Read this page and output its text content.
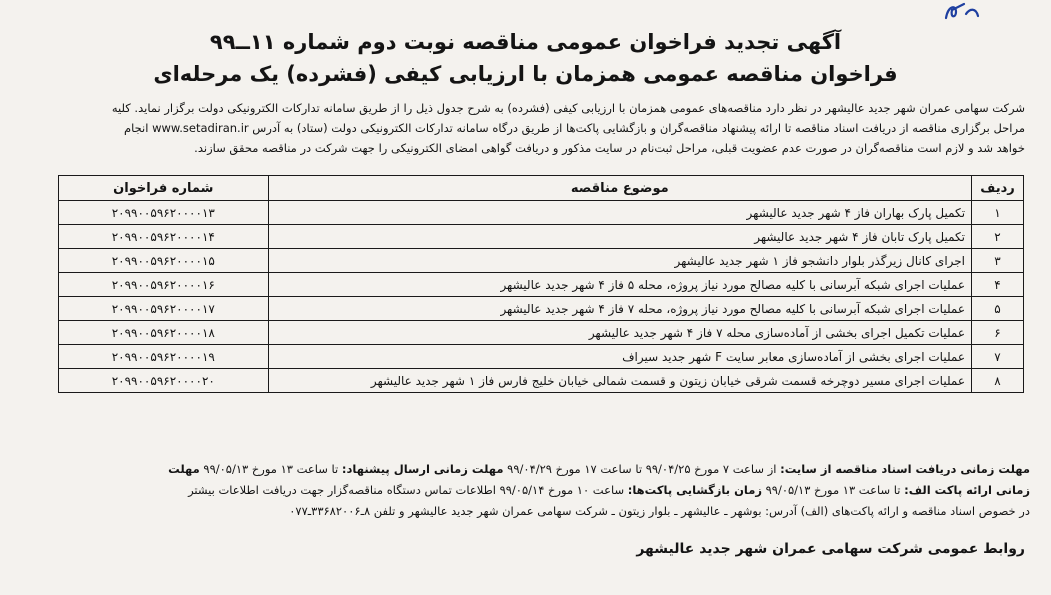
آگهی تجدید فراخوان عمومی مناقصه نوبت دوم شماره ۱۱ــ۹۹
فراخوان مناقصه عمومی همزمان با ارزیابی کیفی (فشرده) یک مرحله‌ای
شرکت سهامی عمران شهر جدید عالیشهر در نظر دارد مناقصه‌های عمومی همزمان با ارزیابی کیفی (فشرده) به شرح جدول ذیل را از طریق سامانه تدارکات الکترونیکی دولت برگزار نماید. کلیه
مراحل برگزاری مناقصه از دریافت اسناد مناقصه تا ارائه پیشنهاد مناقصه‌گران و بازگشایی پاکت‌ها از طریق درگاه سامانه تدارکات الکترونیکی دولت (ستاد) به آدرس www.setadiran.ir انجام
خواهد شد و لازم است مناقصه‌گران در صورت عدم عضویت قبلی، مراحل ثبت‌نام در سایت مذکور و دریافت گواهی امضای الکترونیکی را جهت شرکت در مناقصه محقق سازند.
ردیف	موضوع مناقصه	شماره فراخوان
۱	تکمیل پارک بهاران فاز ۴ شهر جدید عالیشهر	۲۰۹۹۰۰۵۹۶۲۰۰۰۰۱۳
۲	تکمیل پارک تابان فاز ۴ شهر جدید عالیشهر	۲۰۹۹۰۰۵۹۶۲۰۰۰۰۱۴
۳	اجرای کانال زیرگذر بلوار دانشجو فاز ۱ شهر جدید عالیشهر	۲۰۹۹۰۰۵۹۶۲۰۰۰۰۱۵
۴	عملیات اجرای شبکه آبرسانی با کلیه مصالح مورد نیاز پروژه، محله ۵ فاز ۴ شهر جدید عالیشهر	۲۰۹۹۰۰۵۹۶۲۰۰۰۰۱۶
۵	عملیات اجرای شبکه آبرسانی با کلیه مصالح مورد نیاز پروژه، محله ۷ فاز ۴ شهر جدید عالیشهر	۲۰۹۹۰۰۵۹۶۲۰۰۰۰۱۷
۶	عملیات تکمیل اجرای بخشی از آماده‌سازی محله ۷ فاز ۴ شهر جدید عالیشهر	۲۰۹۹۰۰۵۹۶۲۰۰۰۰۱۸
۷	عملیات اجرای بخشی از آماده‌سازی معابر سایت F شهر جدید سیراف	۲۰۹۹۰۰۵۹۶۲۰۰۰۰۱۹
۸	عملیات اجرای مسیر دوچرخه قسمت شرقی خیابان زیتون و قسمت شمالی خیابان خلیج فارس فاز ۱ شهر جدید عالیشهر	۲۰۹۹۰۰۵۹۶۲۰۰۰۰۲۰
مهلت زمانی دریافت اسناد مناقصه از سایت: از ساعت ۷ مورخ ۹۹/۰۴/۲۵ تا ساعت ۱۷ مورخ ۹۹/۰۴/۲۹ مهلت زمانی ارسال پیشنهاد: تا ساعت ۱۳ مورخ ۹۹/۰۵/۱۳ مهلت
زمانی ارائه پاکت الف: تا ساعت ۱۳ مورخ ۹۹/۰۵/۱۳ زمان بازگشایی پاکت‌ها: ساعت ۱۰ مورخ ۹۹/۰۵/۱۴ اطلاعات تماس دستگاه مناقصه‌گزار جهت دریافت اطلاعات بیشتر
در خصوص اسناد مناقصه و ارائه پاکت‌های (الف) آدرس: بوشهر ـ عالیشهر ـ بلوار زیتون ـ شرکت سهامی عمران شهر جدید عالیشهر و تلفن ۸ـ۳۳۶۸۲۰۰۶ـ۰۷۷
روابط عمومی شرکت سهامی عمران شهر جدید عالیشهر
